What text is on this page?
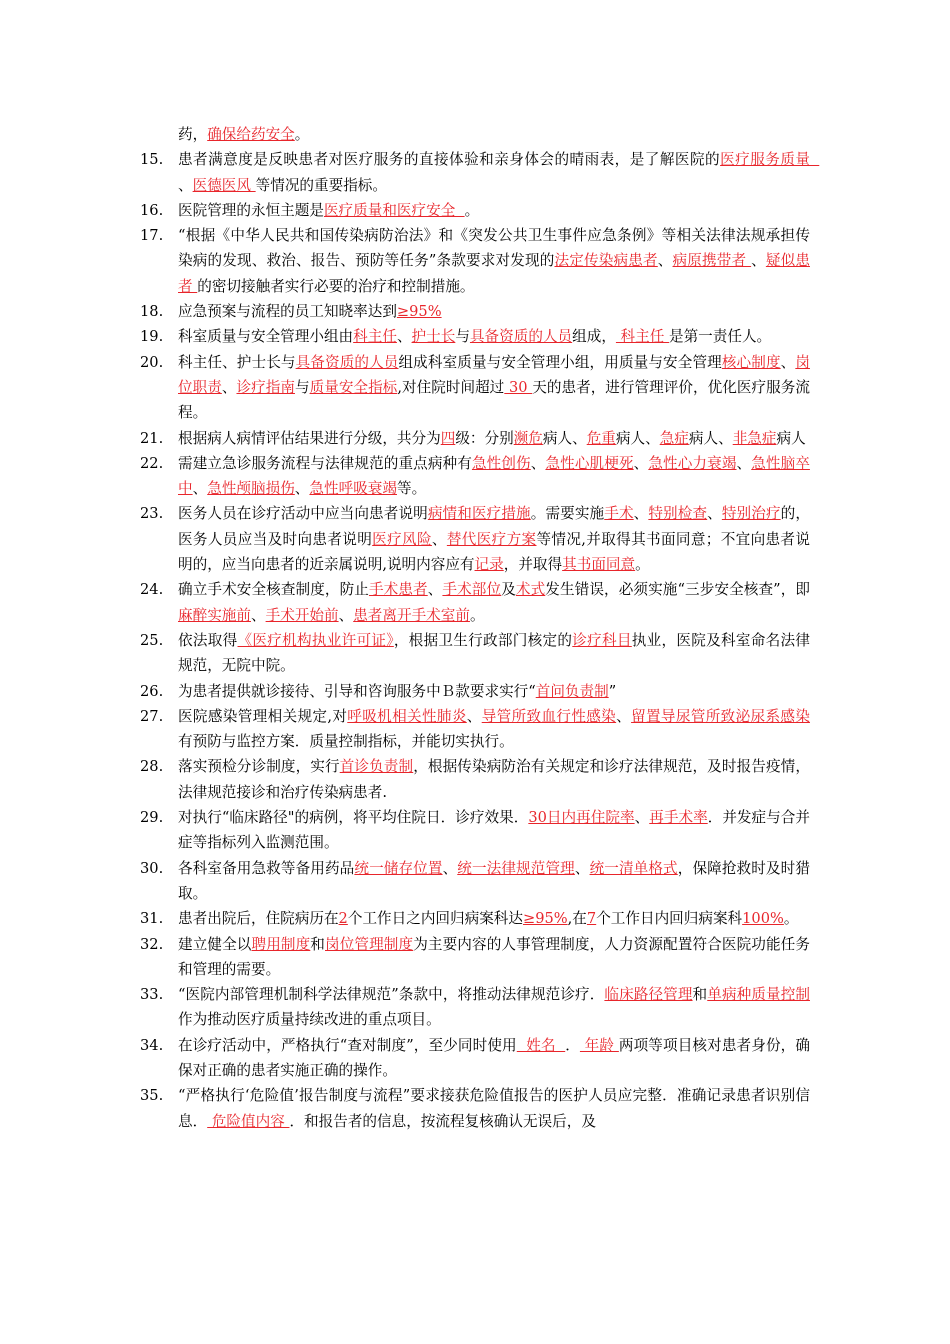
药，确保给药安全。
15.	患者满意度是反映患者对医疗服务的直接体验和亲身体会的晴雨表，是了解医院的医疗服务质量  、医德医风 等情况的重要指标。
16.	医院管理的永恒主题是医疗质量和医疗安全  。
17.	“根据《中华人民共和国传染病防治法》和《突发公共卫生事件应急条例》等相关法律法规承担传染病的发现、救治、报告、预防等任务”条款要求对发现的法定传染病患者、病原携带者 、疑似患者 的密切接触者实行必要的治疗和控制措施。
18.	应急预案与流程的员工知晓率达到≥95%
19.	科室质量与安全管理小组由科主任、护士长与具备资质的人员组成， 科主任 是第一责任人。
20.	科主任、护士长与具备资质的人员组成科室质量与安全管理小组，用质量与安全管理核心制度、岗位职责、诊疗指南与质量安全指标,对住院时间超过 30 天的患者，进行管理评价，优化医疗服务流程。
21.	根据病人病情评估结果进行分级，共分为四级：分别濒危病人、危重病人、急症病人、非急症病人
22.	需建立急诊服务流程与法律规范的重点病种有急性创伤、急性心肌梗死、急性心力衰竭、急性脑卒中、急性颅脑损伤、急性呼吸衰竭等。
23.	医务人员在诊疗活动中应当向患者说明病情和医疗措施。需要实施手术、特别检查、特别治疗的，医务人员应当及时向患者说明医疗风险、替代医疗方案等情况,并取得其书面同意；不宜向患者说明的，应当向患者的近亲属说明,说明内容应有记录，并取得其书面同意。
24.	确立手术安全核查制度，防止手术患者、手术部位及术式发生错误，必须实施“三步安全核查”，即麻醉实施前、手术开始前、患者离开手术室前。
25.	依法取得《医疗机构执业许可证》，根据卫生行政部门核定的诊疗科目执业，医院及科室命名法律规范，无院中院。
26.	为患者提供就诊接待、引导和咨询服务中Ｂ款要求实行“首问负责制”
27.	医院感染管理相关规定,对呼吸机相关性肺炎、导管所致血行性感染、留置导尿管所致泌尿系感染有预防与监控方案．质量控制指标，并能切实执行。
28.	落实预检分诊制度，实行首诊负责制，根据传染病防治有关规定和诊疗法律规范，及时报告疫情，法律规范接诊和治疗传染病患者.
29.	对执行“临床路径"的病例，将平均住院日．诊疗效果．30日内再住院率、再手术率．并发症与合并症等指标列入监测范围。
30.	各科室备用急救等备用药品统一储存位置、统一法律规范管理、统一清单格式，保障抢救时及时猎取。
31.	患者出院后，住院病历在2个工作日之内回归病案科达≥95%,在7个工作日内回归病案科100%。
32.	建立健全以聘用制度和岗位管理制度为主要内容的人事管理制度，人力资源配置符合医院功能任务和管理的需要。
33.	“医院内部管理机制科学法律规范”条款中，将推动法律规范诊疗．临床路径管理和单病种质量控制作为推动医疗质量持续改进的重点项目。
34.	在诊疗活动中，严格执行“查对制度”，至少同时使用  姓名  ． 年龄 两项等项目核对患者身份，确保对正确的患者实施正确的操作。
35.	“严格执行‘危险值’报告制度与流程”要求接获危险值报告的医护人员应完整．准确记录患者识别信息． 危险值内容 ．和报告者的信息，按流程复核确认无误后，及
